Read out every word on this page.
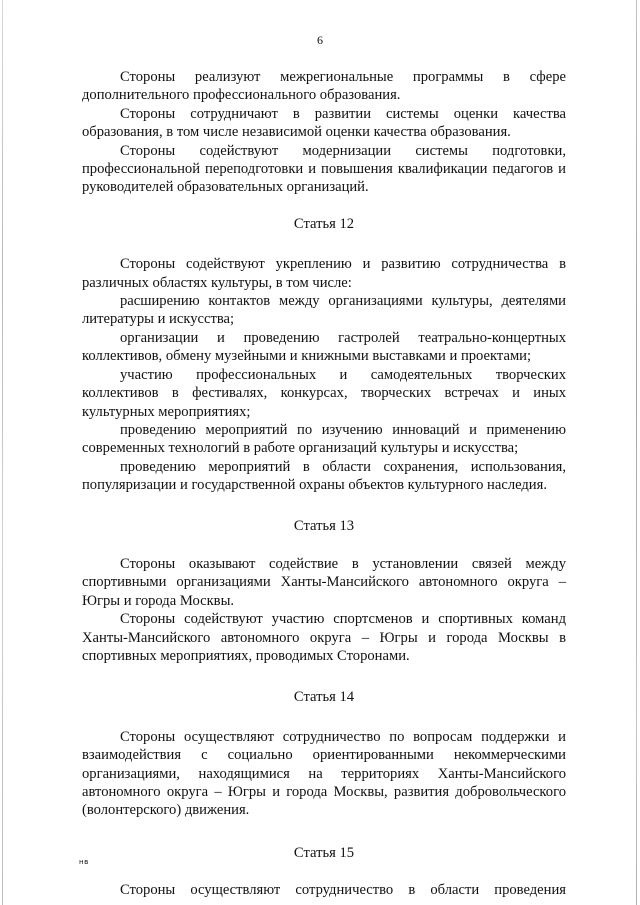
6

Стороны реализуют межрегиональные программы в сфере дополнительного профессионального образования.

Стороны сотрудничают в развитии системы оценки качества образования, в том числе независимой оценки качества образования.

Стороны содействуют модернизации системы подготовки, профессиональной переподготовки и повышения квалификации педагогов и руководителей образовательных организаций.

Статья 12

Стороны содействуют укреплению и развитию сотрудничества в различных областях культуры, в том числе:

расширению контактов между организациями культуры, деятелями литературы и искусства;

организации и проведению гастролей театрально-концертных коллективов, обмену музейными и книжными выставками и проектами;

участию профессиональных и самодеятельных творческих коллективов в фестивалях, конкурсах, творческих встречах и иных культурных мероприятиях;

проведению мероприятий по изучению инноваций и применению современных технологий в работе организаций культуры и искусства;

проведению мероприятий в области сохранения, использования, популяризации и государственной охраны объектов культурного наследия.

Статья 13

Стороны оказывают содействие в установлении связей между спортивными организациями Ханты-Мансийского автономного округа – Югры и города Москвы.

Стороны содействуют участию спортсменов и спортивных команд Ханты-Мансийского автономного округа – Югры и города Москвы в спортивных мероприятиях, проводимых Сторонами.

Статья 14

Стороны осуществляют сотрудничество по вопросам поддержки и взаимодействия с социально ориентированными некоммерческими организациями, находящимися на территориях Ханты-Мансийского автономного округа – Югры и города Москвы, развития добровольческого (волонтерского) движения.

Статья 15

Стороны осуществляют сотрудничество в области проведения

нв
